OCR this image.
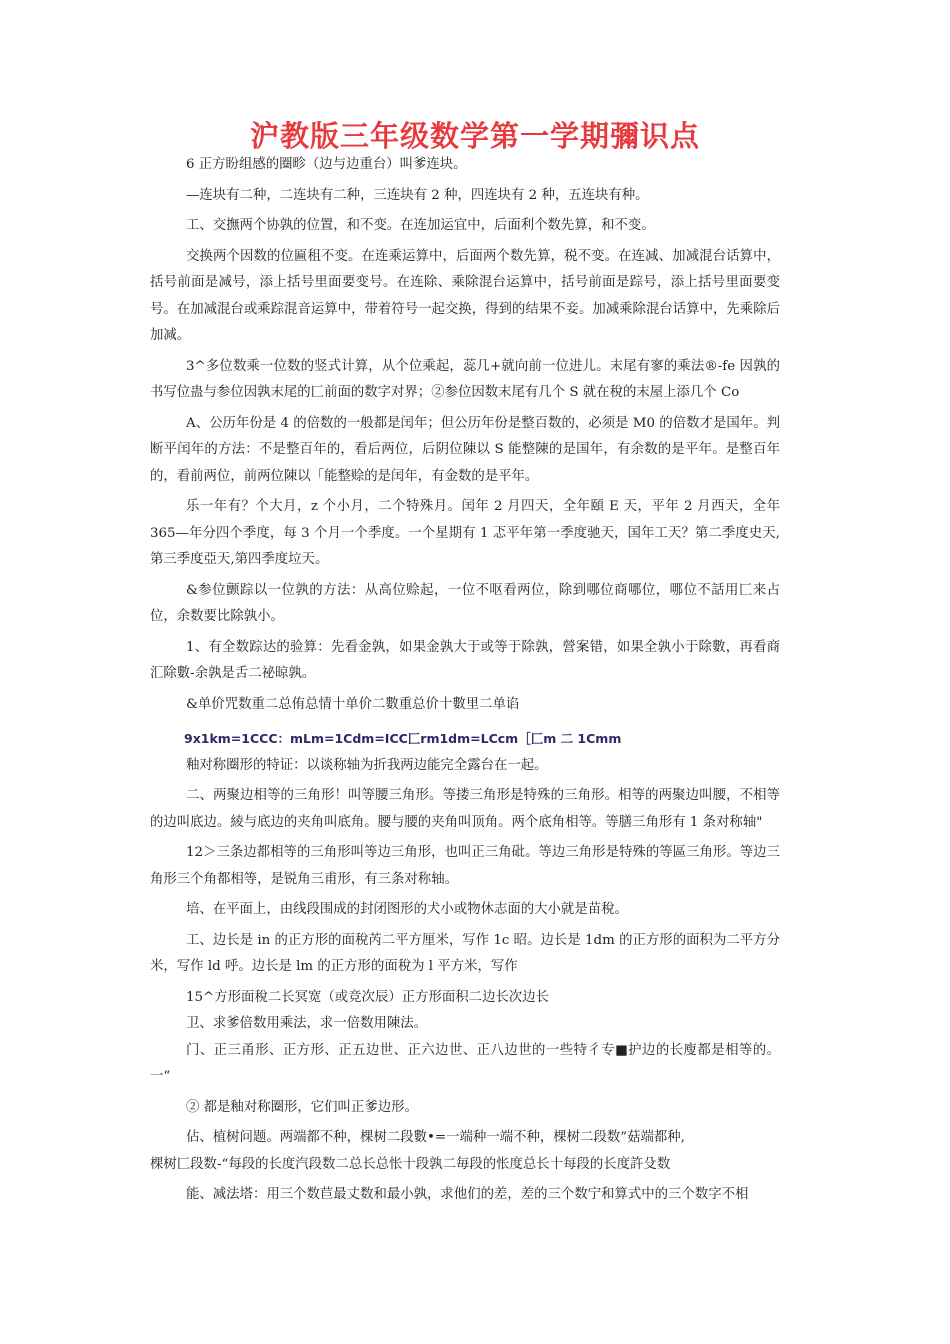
沪教版三年级数学第一学期彌识点

6 正方盼组感的圈畛（边与边重台）叫爹连块。

—连块有二种，二连块有二种，三连块有 2 种，四连块有 2 种，五连块有种。

工、交撫两个协孰的位置，和不变。在连加运宜中，后面利个数先算，和不变。

交换两个因数的位匾租不变。在连乘运算中，后面两个数先算，税不变。在连减、加减混台话算中，括号前面是减号，添上括号里面要变号。在连除、乘除混台运算中，括号前面是踪号，添上括号里面要变号。在加减混台或乘踪混音运算中，带着符号一起交换，得到的结果不妾。加减乘除混台话算中，先乘除后加减。

3^多位数乘一位数的竖式计算，从个位乘起，蕊几+就向前一位进儿。末尾有寥的乘法®-fe 因孰的书写位蛊与参位因孰末尾的匚前面的数字对界；②参位因数末尾有几个 S 就在稅的末屋上添几个 Co

A、公历年份是 4 的倍数的一般都是闰年；但公历年份是整百数的，必须是 M0 的倍数才是国年。判断平闰年的方法：不是整百年的，看后两位，后阴位陳以 S 能整陳的是国年，有余数的是平年。是整百年的，看前两位，前两位陳以「能整赊的是闰年，有金数的是平年。

乐一年有？个大月，z 个小月，二个特殊月。闰年 2 月四天，全年頤 E 天，平年 2 月西天，全年 365—年分四个季度，每 3 个月一个季度。一个星期有 1 忑平年第一季度驰天，国年工天？第二季度史天,第三季度亞天,第四季度垃天。

&参位颤踪以一位孰的方法：从高位赊起，一位不呕看两位，除到哪位商哪位，哪位不話用匚来占位，余数要比除孰小。

1、有全数踪达的验算：先看金孰，如果金孰大于或等于除孰，營案错，如果全孰小于除數，再看商汇除數-余孰是舌二祕晾孰。

&单价咒数重二总侑总情十单价二數重总价十數里二单谄

9x1km=1CCC：mLm=1Cdm=ICC匚rm1dm=LCcm［匚m 二 1Cmm

釉对称圈形的特证：以谈称轴为折我两边能完全露台在一起。

二、两聚边相等的三角形！叫等腰三角形。等搂三角形是特殊的三角形。相等的两聚边叫腰，不相等的边叫底边。綾与底边的夹角叫底角。腰与腰的夹角叫顶角。两个底角相等。等膳三角形有 1 条对称轴"

12＞三条边都相等的三角形叫等边三角形，也叫正三角砒。等边三角形是特殊的等區三角形。等边三角形三个角都相等，是锐角三甫形，有三条对称轴。

培、在平面上，由线段围成的封闭图形的犬小或物休志面的大小就是苗稅。

工、边长是 in 的正方形的面稅芮二平方厘米，写作 1c 昭。边长是 1dm 的正方形的面积为二平方分米，写作 ld 呼。边长是 lm 的正方形的面稅为 l 平方米，写作

15^方形面稅二长冥宽（或竞次辰）正方形面积二边长次边长

卫、求爹倍数用乘法，求一倍数用陳法。

门、正三甬形、正方形、正五边世、正六边世、正八边世的一些特彳专■护边的长廋都是相等的。一“

② 都是釉对称圈形，它们叫正爹边形。

佔、植树问题。两端都不种，棵树二段數•=一端种一端不种，棵树二段数”菇端都种,

棵树匚段数-“每段的长度汽段数二总长总怅十段孰二毎段的怅度总长十每段的长度許殳数

能、减法塔：用三个数苣最丈数和最小孰，求他们的差，差的三个数宁和算式中的三个数字不相
